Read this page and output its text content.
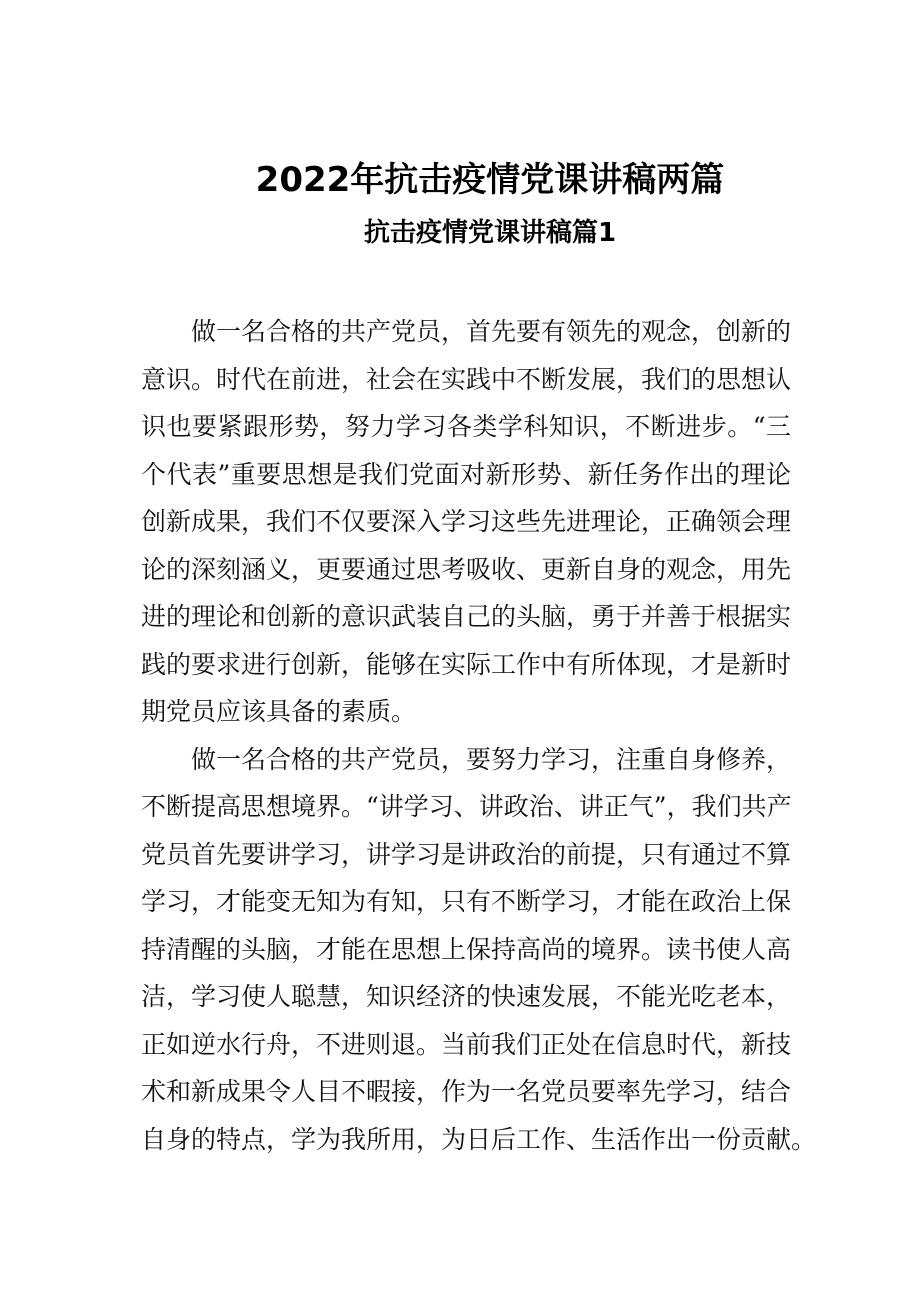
2022年抗击疫情党课讲稿两篇
抗击疫情党课讲稿篇1
做一名合格的共产党员，首先要有领先的观念，创新的
意识。时代在前进，社会在实践中不断发展，我们的思想认
识也要紧跟形势，努力学习各类学科知识，不断进步。“三
个代表”重要思想是我们党面对新形势、新任务作出的理论
创新成果，我们不仅要深入学习这些先进理论，正确领会理
论的深刻涵义，更要通过思考吸收、更新自身的观念，用先
进的理论和创新的意识武装自己的头脑，勇于并善于根据实
践的要求进行创新，能够在实际工作中有所体现，才是新时
期党员应该具备的素质。
做一名合格的共产党员，要努力学习，注重自身修养，
不断提高思想境界。“讲学习、讲政治、讲正气”，我们共产
党员首先要讲学习，讲学习是讲政治的前提，只有通过不算
学习，才能变无知为有知，只有不断学习，才能在政治上保
持清醒的头脑，才能在思想上保持高尚的境界。读书使人高
洁，学习使人聪慧，知识经济的快速发展，不能光吃老本，
正如逆水行舟，不进则退。当前我们正处在信息时代，新技
术和新成果令人目不暇接，作为一名党员要率先学习，结合
自身的特点，学为我所用，为日后工作、生活作出一份贡献。
